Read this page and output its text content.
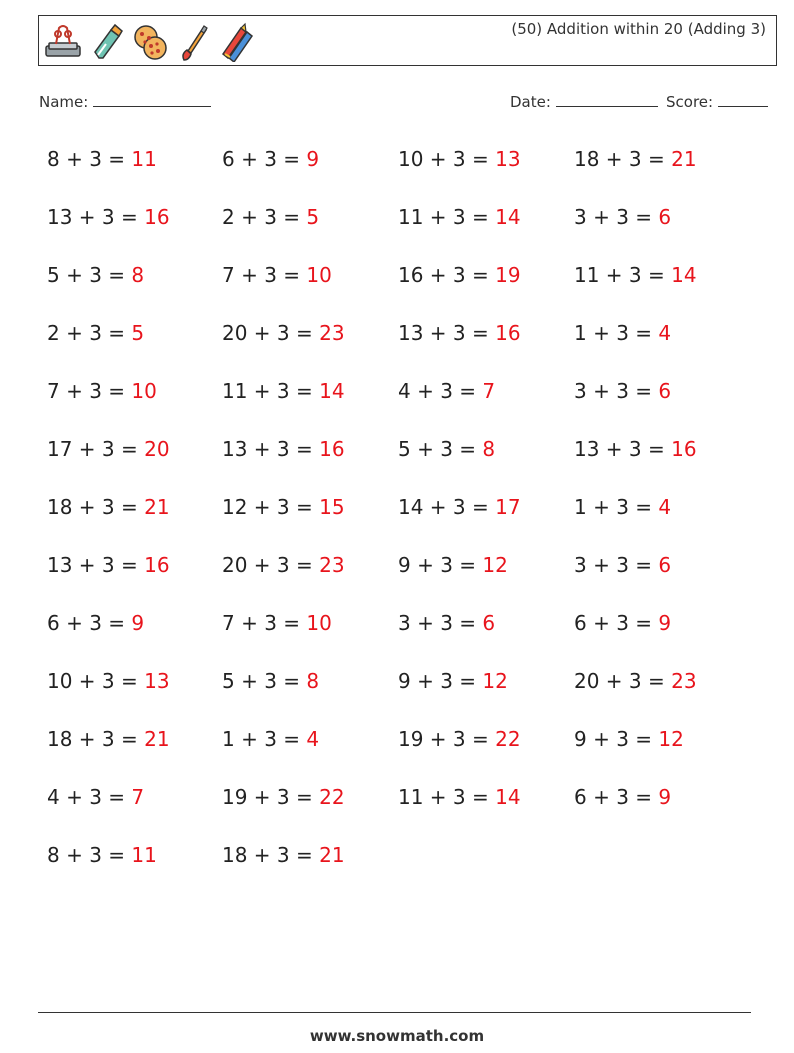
(50) Addition within 20 (Adding 3)
Name:	Date:	Score:
8 + 3 = 11	6 + 3 = 9	10 + 3 = 13	18 + 3 = 21
13 + 3 = 16	2 + 3 = 5	11 + 3 = 14	3 + 3 = 6
5 + 3 = 8	7 + 3 = 10	16 + 3 = 19	11 + 3 = 14
2 + 3 = 5	20 + 3 = 23	13 + 3 = 16	1 + 3 = 4
7 + 3 = 10	11 + 3 = 14	4 + 3 = 7	3 + 3 = 6
17 + 3 = 20	13 + 3 = 16	5 + 3 = 8	13 + 3 = 16
18 + 3 = 21	12 + 3 = 15	14 + 3 = 17	1 + 3 = 4
13 + 3 = 16	20 + 3 = 23	9 + 3 = 12	3 + 3 = 6
6 + 3 = 9	7 + 3 = 10	3 + 3 = 6	6 + 3 = 9
10 + 3 = 13	5 + 3 = 8	9 + 3 = 12	20 + 3 = 23
18 + 3 = 21	1 + 3 = 4	19 + 3 = 22	9 + 3 = 12
4 + 3 = 7	19 + 3 = 22	11 + 3 = 14	6 + 3 = 9
8 + 3 = 11	18 + 3 = 21
www.snowmath.com
